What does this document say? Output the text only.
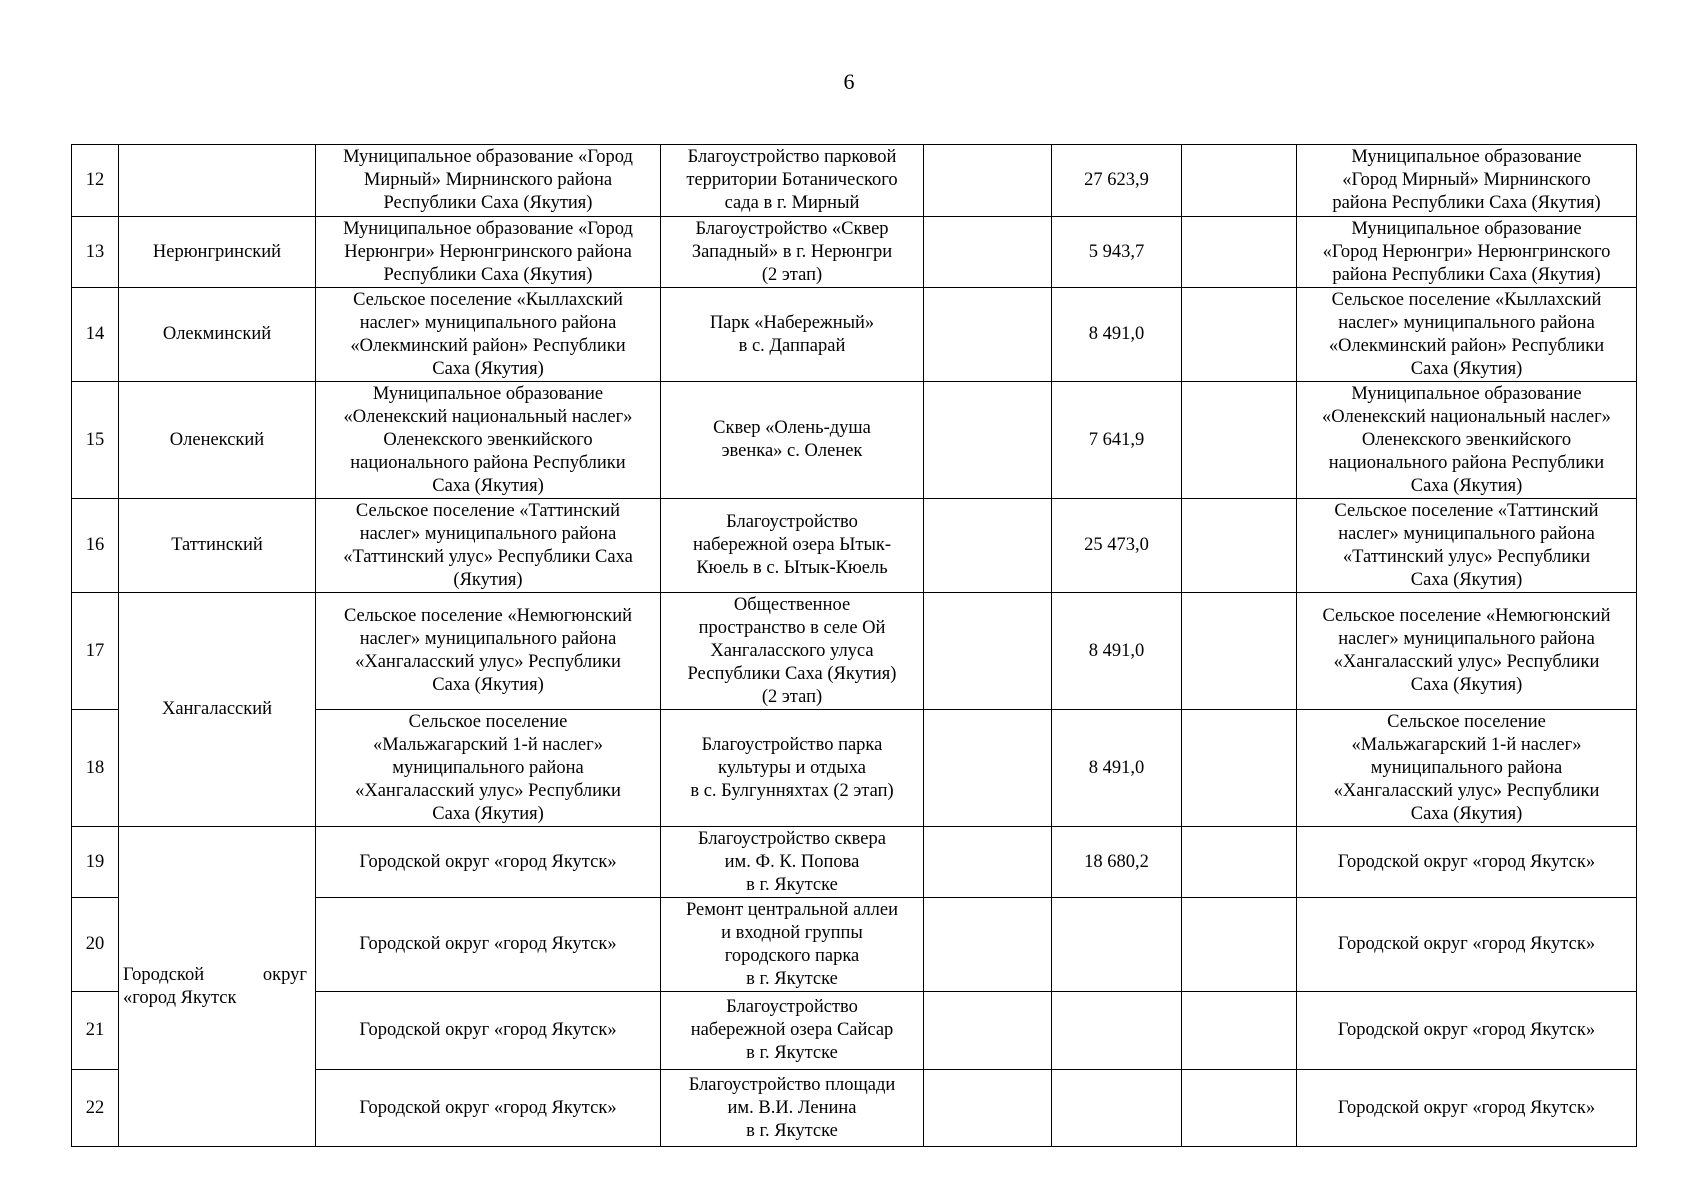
6
12		Муниципальное образование «Город
Мирный» Мирнинского района
Республики Саха (Якутия)	Благоустройство парковой
территории Ботанического
сада в г. Мирный		27 623,9		Муниципальное образование
«Город Мирный» Мирнинского
района Республики Саха (Якутия)

13	Нерюнгринский	Муниципальное образование «Город
Нерюнгри» Нерюнгринского района
Республики Саха (Якутия)	Благоустройство «Сквер
Западный» в г. Нерюнгри
(2 этап)		5 943,7		Муниципальное образование
«Город Нерюнгри» Нерюнгринского
района Республики Саха (Якутия)

14	Олекминский	Сельское поселение «Кыллахский
наслег» муниципального района
«Олекминский район» Республики
Саха (Якутия)	Парк «Набережный»
в с. Даппарай		8 491,0		Сельское поселение «Кыллахский
наслег» муниципального района
«Олекминский район» Республики
Саха (Якутия)

15	Оленекский	Муниципальное образование
«Оленекский национальный наслег»
Оленекского эвенкийского
национального района Республики
Саха (Якутия)	Сквер «Олень-душа
эвенка» с. Оленек		7 641,9		Муниципальное образование
«Оленекский национальный наслег»
Оленекского эвенкийского
национального района Республики
Саха (Якутия)

16	Таттинский	Сельское поселение «Таттинский
наслег» муниципального района
«Таттинский улус» Республики Саха
(Якутия)	Благоустройство
набережной озера Ытык-
Кюель в с. Ытык-Кюель		25 473,0		Сельское поселение «Таттинский
наслег» муниципального района
«Таттинский улус» Республики
Саха (Якутия)

17	Хангаласский	Сельское поселение «Немюгюнский
наслег» муниципального района
«Хангаласский улус» Республики
Саха (Якутия)	Общественное
пространство в селе Ой
Хангаласского улуса
Республики Саха (Якутия)
(2 этап)		8 491,0		Сельское поселение «Немюгюнский
наслег» муниципального района
«Хангаласский улус» Республики
Саха (Якутия)

18		Сельское поселение
«Мальжагарский 1-й наслег»
муниципального района
«Хангаласский улус» Республики
Саха (Якутия)	Благоустройство парка
культуры и отдыха
в с. Булгунняхтах (2 этап)		8 491,0		Сельское поселение
«Мальжагарский 1-й наслег»
муниципального района
«Хангаласский улус» Республики
Саха (Якутия)

19	Городской округ
«город Якутск	Городской округ «город Якутск»	Благоустройство сквера
им. Ф. К. Попова
в г. Якутске		18 680,2		Городской округ «город Якутск»

20		Городской округ «город Якутск»	Ремонт центральной аллеи
и входной группы
городского парка
в г. Якутске				Городской округ «город Якутск»

21		Городской округ «город Якутск»	Благоустройство
набережной озера Сайсар
в г. Якутске				Городской округ «город Якутск»

22		Городской округ «город Якутск»	Благоустройство площади
им. В.И. Ленина
в г. Якутске				Городской округ «город Якутск»
